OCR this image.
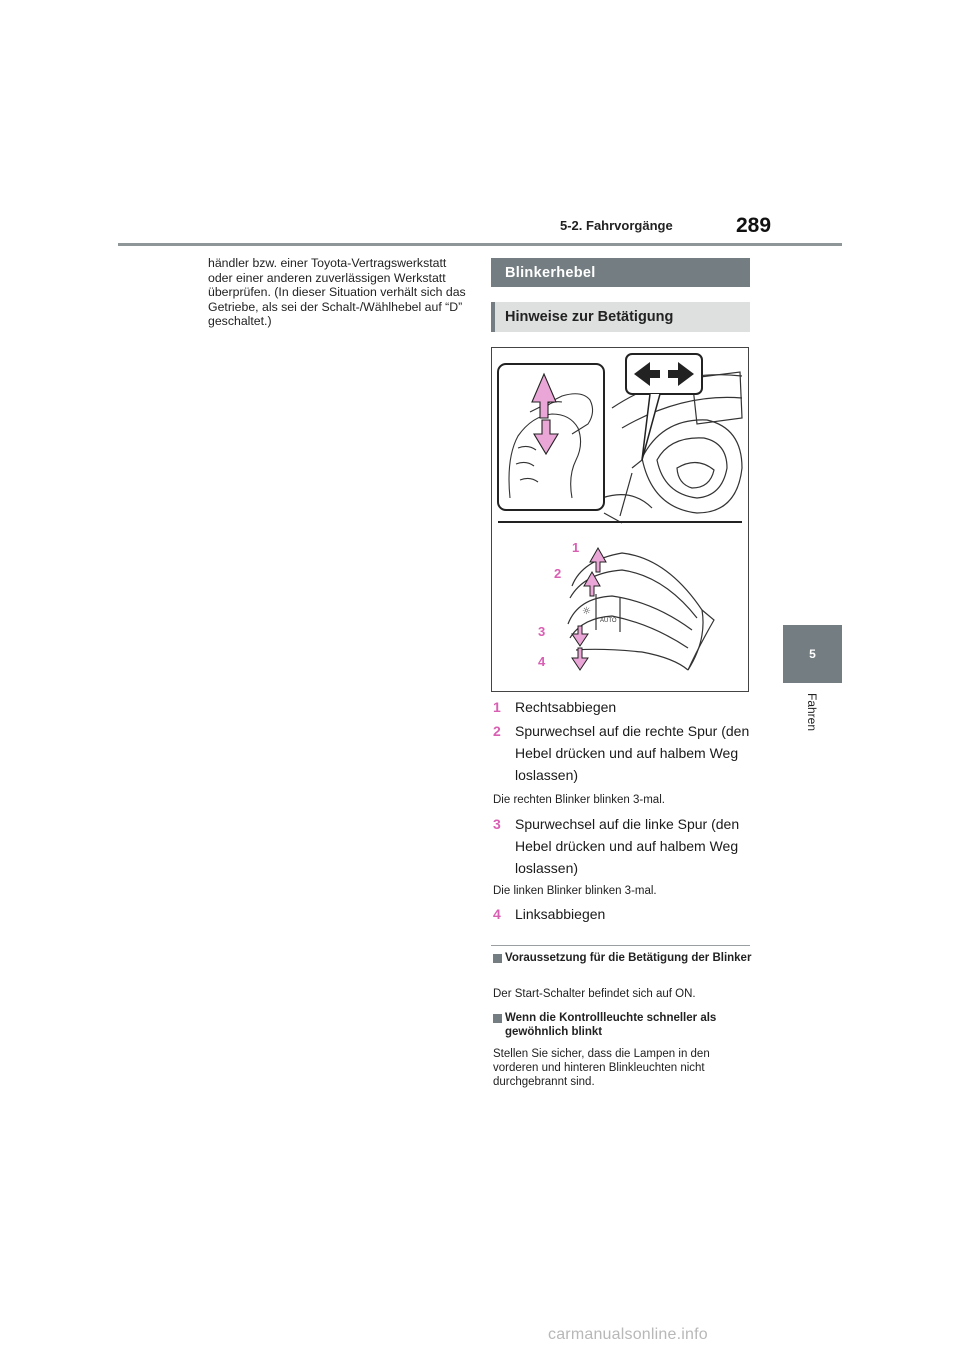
5-2. Fahrvorgänge	289
5
Fahren
händler bzw. einer Toyota-Vertragswerkstatt oder einer anderen zuverlässigen Werkstatt überprüfen. (In dieser Situation verhält sich das Getriebe, als sei der Schalt-/Wählhebel auf “D” geschaltet.)
Blinkerhebel
Hinweise zur Betätigung
☼
AUTO
1
2
3
4
1	Rechtsabbiegen
2	Spurwechsel auf die rechte Spur (den Hebel drücken und auf halbem Weg loslassen)
Die rechten Blinker blinken 3-mal.
3	Spurwechsel auf die linke Spur (den Hebel drücken und auf halbem Weg loslassen)
Die linken Blinker blinken 3-mal.
4	Linksabbiegen
Voraussetzung für die Betätigung der Blinker
Der Start-Schalter befindet sich auf ON.
Wenn die Kontrollleuchte schneller als gewöhnlich blinkt
Stellen Sie sicher, dass die Lampen in den vorderen und hinteren Blinkleuchten nicht durchgebrannt sind.
carmanualsonline.info
